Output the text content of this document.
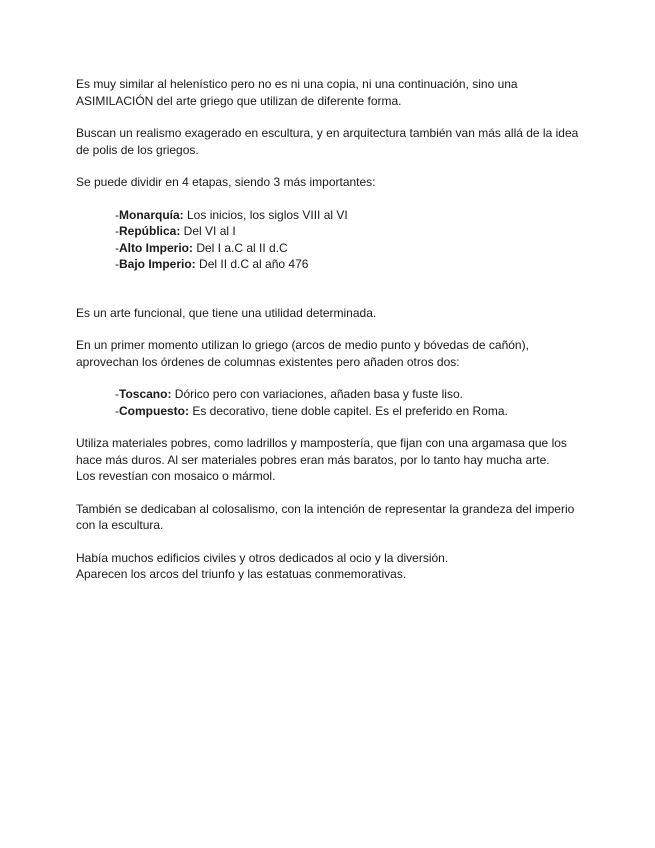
Es muy similar al helenístico pero no es ni una copia, ni una continuación, sino una
ASIMILACIÓN del arte griego que utilizan de diferente forma.

Buscan un realismo exagerado en escultura, y en arquitectura también van más allá de la idea
de polis de los griegos.

Se puede dividir en 4 etapas, siendo 3 más importantes:

-Monarquía: Los inicios, los siglos VIII al VI
-República: Del VI al I
-Alto Imperio: Del I a.C al II d.C
-Bajo Imperio: Del II d.C al año 476

Es un arte funcional, que tiene una utilidad determinada.

En un primer momento utilizan lo griego (arcos de medio punto y bóvedas de cañón),
aprovechan los órdenes de columnas existentes pero añaden otros dos:

-Toscano: Dórico pero con variaciones, añaden basa y fuste liso.
-Compuesto: Es decorativo, tiene doble capitel. Es el preferido en Roma.

Utiliza materiales pobres, como ladrillos y mampostería, que fijan con una argamasa que los
hace más duros. Al ser materiales pobres eran más baratos, por lo tanto hay mucha arte.
Los revestían con mosaico o mármol.

También se dedicaban al colosalismo, con la intención de representar la grandeza del imperio
con la escultura.

Había muchos edificios civiles y otros dedicados al ocio y la diversión.
Aparecen los arcos del triunfo y las estatuas conmemorativas.
